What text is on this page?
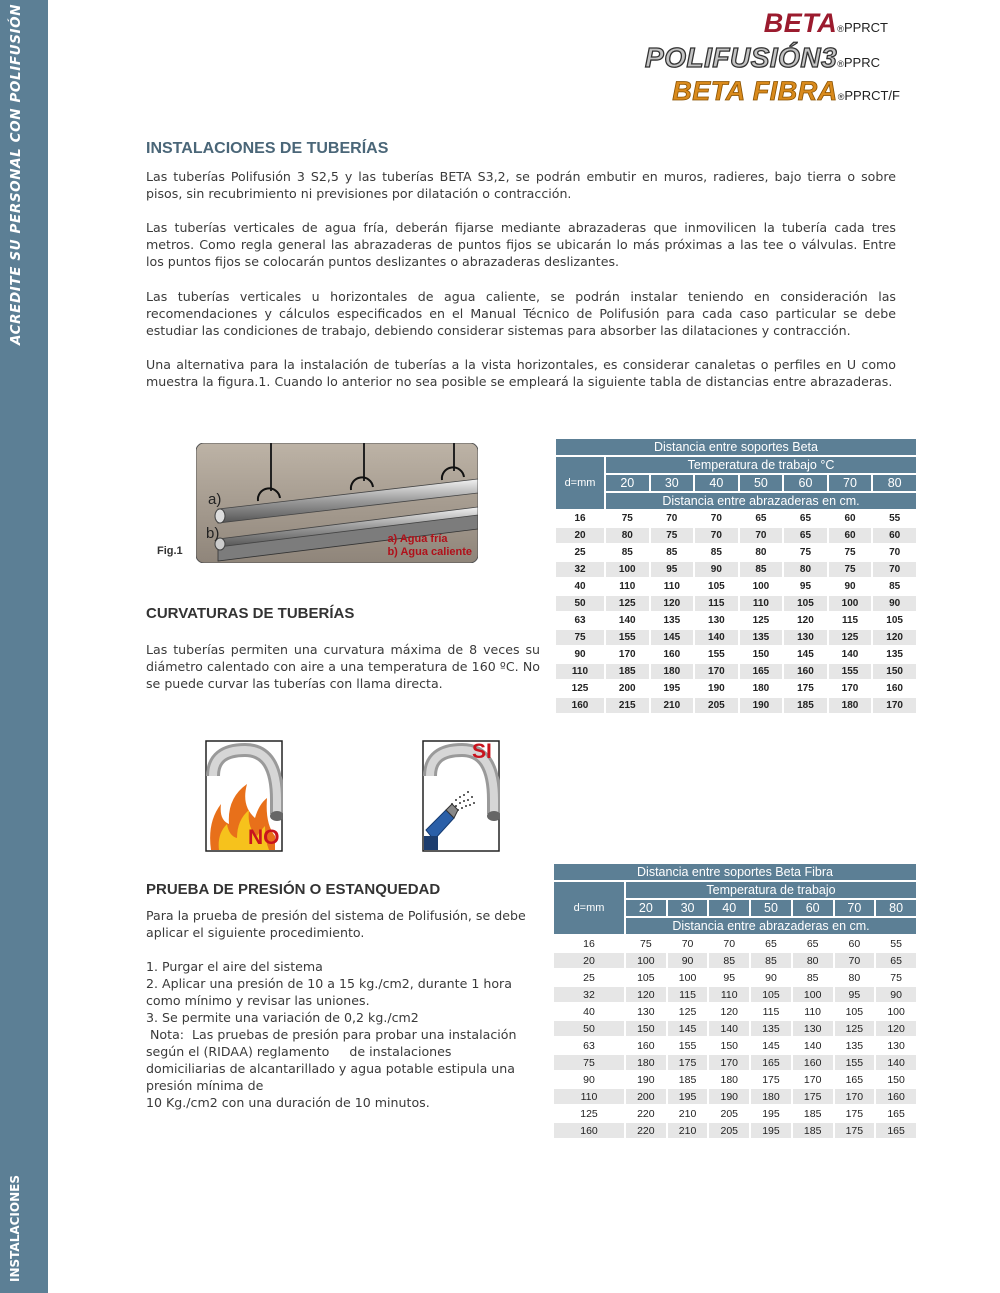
ACREDITE SU PERSONAL CON POLIFUSIÓN
INSTALACIONES
BETA®PPRCT
POLIFUSIÓN3®PPRC
BETA FIBRA®PPRCT/F
INSTALACIONES DE TUBERÍAS

Las tuberías Polifusión 3 S2,5 y las tuberías BETA S3,2, se podrán embutir en muros, radieres, bajo tierra o sobre pisos, sin recubrimiento ni previsiones por dilatación o contracción.

Las tuberías verticales de agua fría, deberán fijarse mediante abrazaderas que inmovilicen la tubería cada tres metros. Como regla general las abrazaderas de puntos fijos se ubicarán lo más próximas a las tee o válvulas. Entre los puntos fijos se colocarán puntos deslizantes o abrazaderas deslizantes.

Las tuberías verticales u horizontales de agua caliente, se podrán instalar teniendo en consideración las recomendaciones y cálculos especificados en el Manual Técnico de Polifusión para cada caso particular se debe estudiar las condiciones de trabajo, debiendo considerar sistemas para absorber las dilataciones y contracción.

Una alternativa para la instalación de tuberías a la vista horizontales, es considerar canaletas o perfiles en U como muestra la figura.1. Cuando lo anterior no sea posible se empleará la siguiente tabla de distancias entre abrazaderas.

a)
b)	a) Agua fría
b) Agua caliente
Fig.1
CURVATURAS DE TUBERÍAS

Las tuberías permiten una curvatura máxima de 8 veces su diámetro calentado con aire a una temperatura de 160 ºC. No se puede curvar las tuberías con llama directa.

NO
SI
PRUEBA DE PRESIÓN O ESTANQUEDAD

Para la prueba de presión del sistema de Polifusión, se debe aplicar el siguiente procedimiento.

1. Purgar el aire del sistema
2. Aplicar una presión de 10 a 15 kg./cm2, durante 1 hora como mínimo y revisar las uniones.
3. Se permite una variación de 0,2 kg./cm2
Nota:  Las pruebas de presión para probar una instalación según el (RIDAA) reglamento     de instalaciones domiciliarias de alcantarillado y agua potable estipula una presión mínima de
10 Kg./cm2 con una duración de 10 minutos.

Distancia entre soportes Beta							
d=mm	Temperatura de trabajo °C						
	20	30	40	50	60	70	80
	Distancia entre abrazaderas en cm.						
16	75	70	70	65	65	60	55
20	80	75	70	70	65	60	60
25	85	85	85	80	75	75	70
32	100	95	90	85	80	75	70
40	110	110	105	100	95	90	85
50	125	120	115	110	105	100	90
63	140	135	130	125	120	115	105
75	155	145	140	135	130	125	120
90	170	160	155	150	145	140	135
110	185	180	170	165	160	155	150
125	200	195	190	180	175	170	160
160	215	210	205	190	185	180	170
Distancia entre soportes Beta Fibra							
d=mm	Temperatura de trabajo						
	20	30	40	50	60	70	80
	Distancia entre abrazaderas en cm.						
16	75	70	70	65	65	60	55
20	100	90	85	85	80	70	65
25	105	100	95	90	85	80	75
32	120	115	110	105	100	95	90
40	130	125	120	115	110	105	100
50	150	145	140	135	130	125	120
63	160	155	150	145	140	135	130
75	180	175	170	165	160	155	140
90	190	185	180	175	170	165	150
110	200	195	190	180	175	170	160
125	220	210	205	195	185	175	165
160	220	210	205	195	185	175	165
